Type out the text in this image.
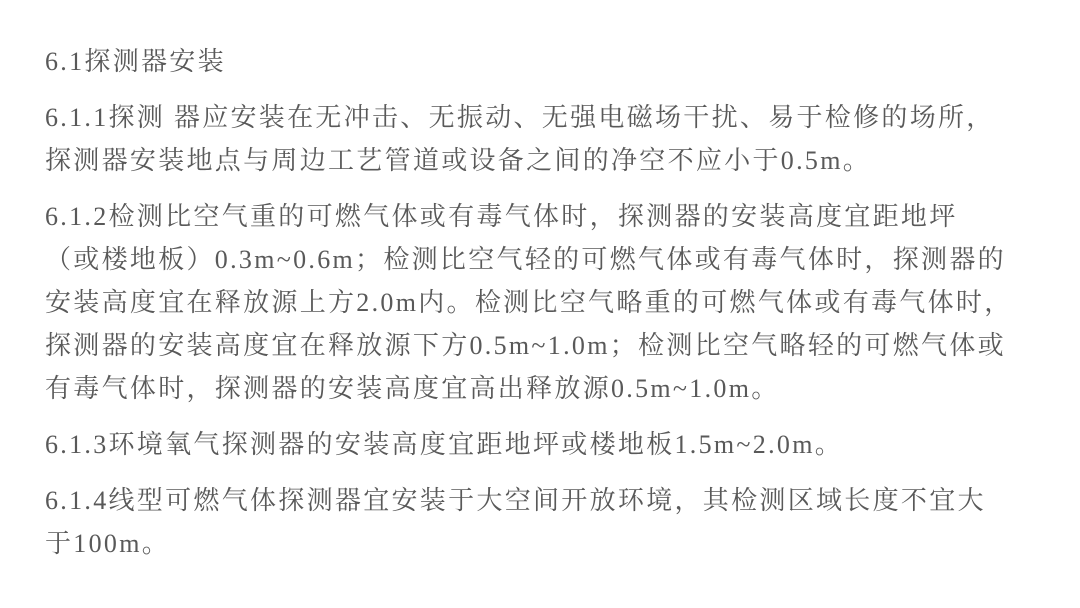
6.1探测器安装
6.1.1探测 器应安装在无冲击、无振动、无强电磁场干扰、易于检修的场所，
探测器安装地点与周边工艺管道或设备之间的净空不应小于0.5m。
6.1.2检测比空气重的可燃气体或有毒气体时，探测器的安装高度宜距地坪
（或楼地板）0.3m~0.6m；检测比空气轻的可燃气体或有毒气体时，探测器的
安装高度宜在释放源上方2.0m内。检测比空气略重的可燃气体或有毒气体时，
探测器的安装高度宜在释放源下方0.5m~1.0m；检测比空气略轻的可燃气体或
有毒气体时，探测器的安装高度宜高出释放源0.5m~1.0m。
6.1.3环境氧气探测器的安装高度宜距地坪或楼地板1.5m~2.0m。
6.1.4线型可燃气体探测器宜安装于大空间开放环境，其检测区域长度不宜大
于100m。
